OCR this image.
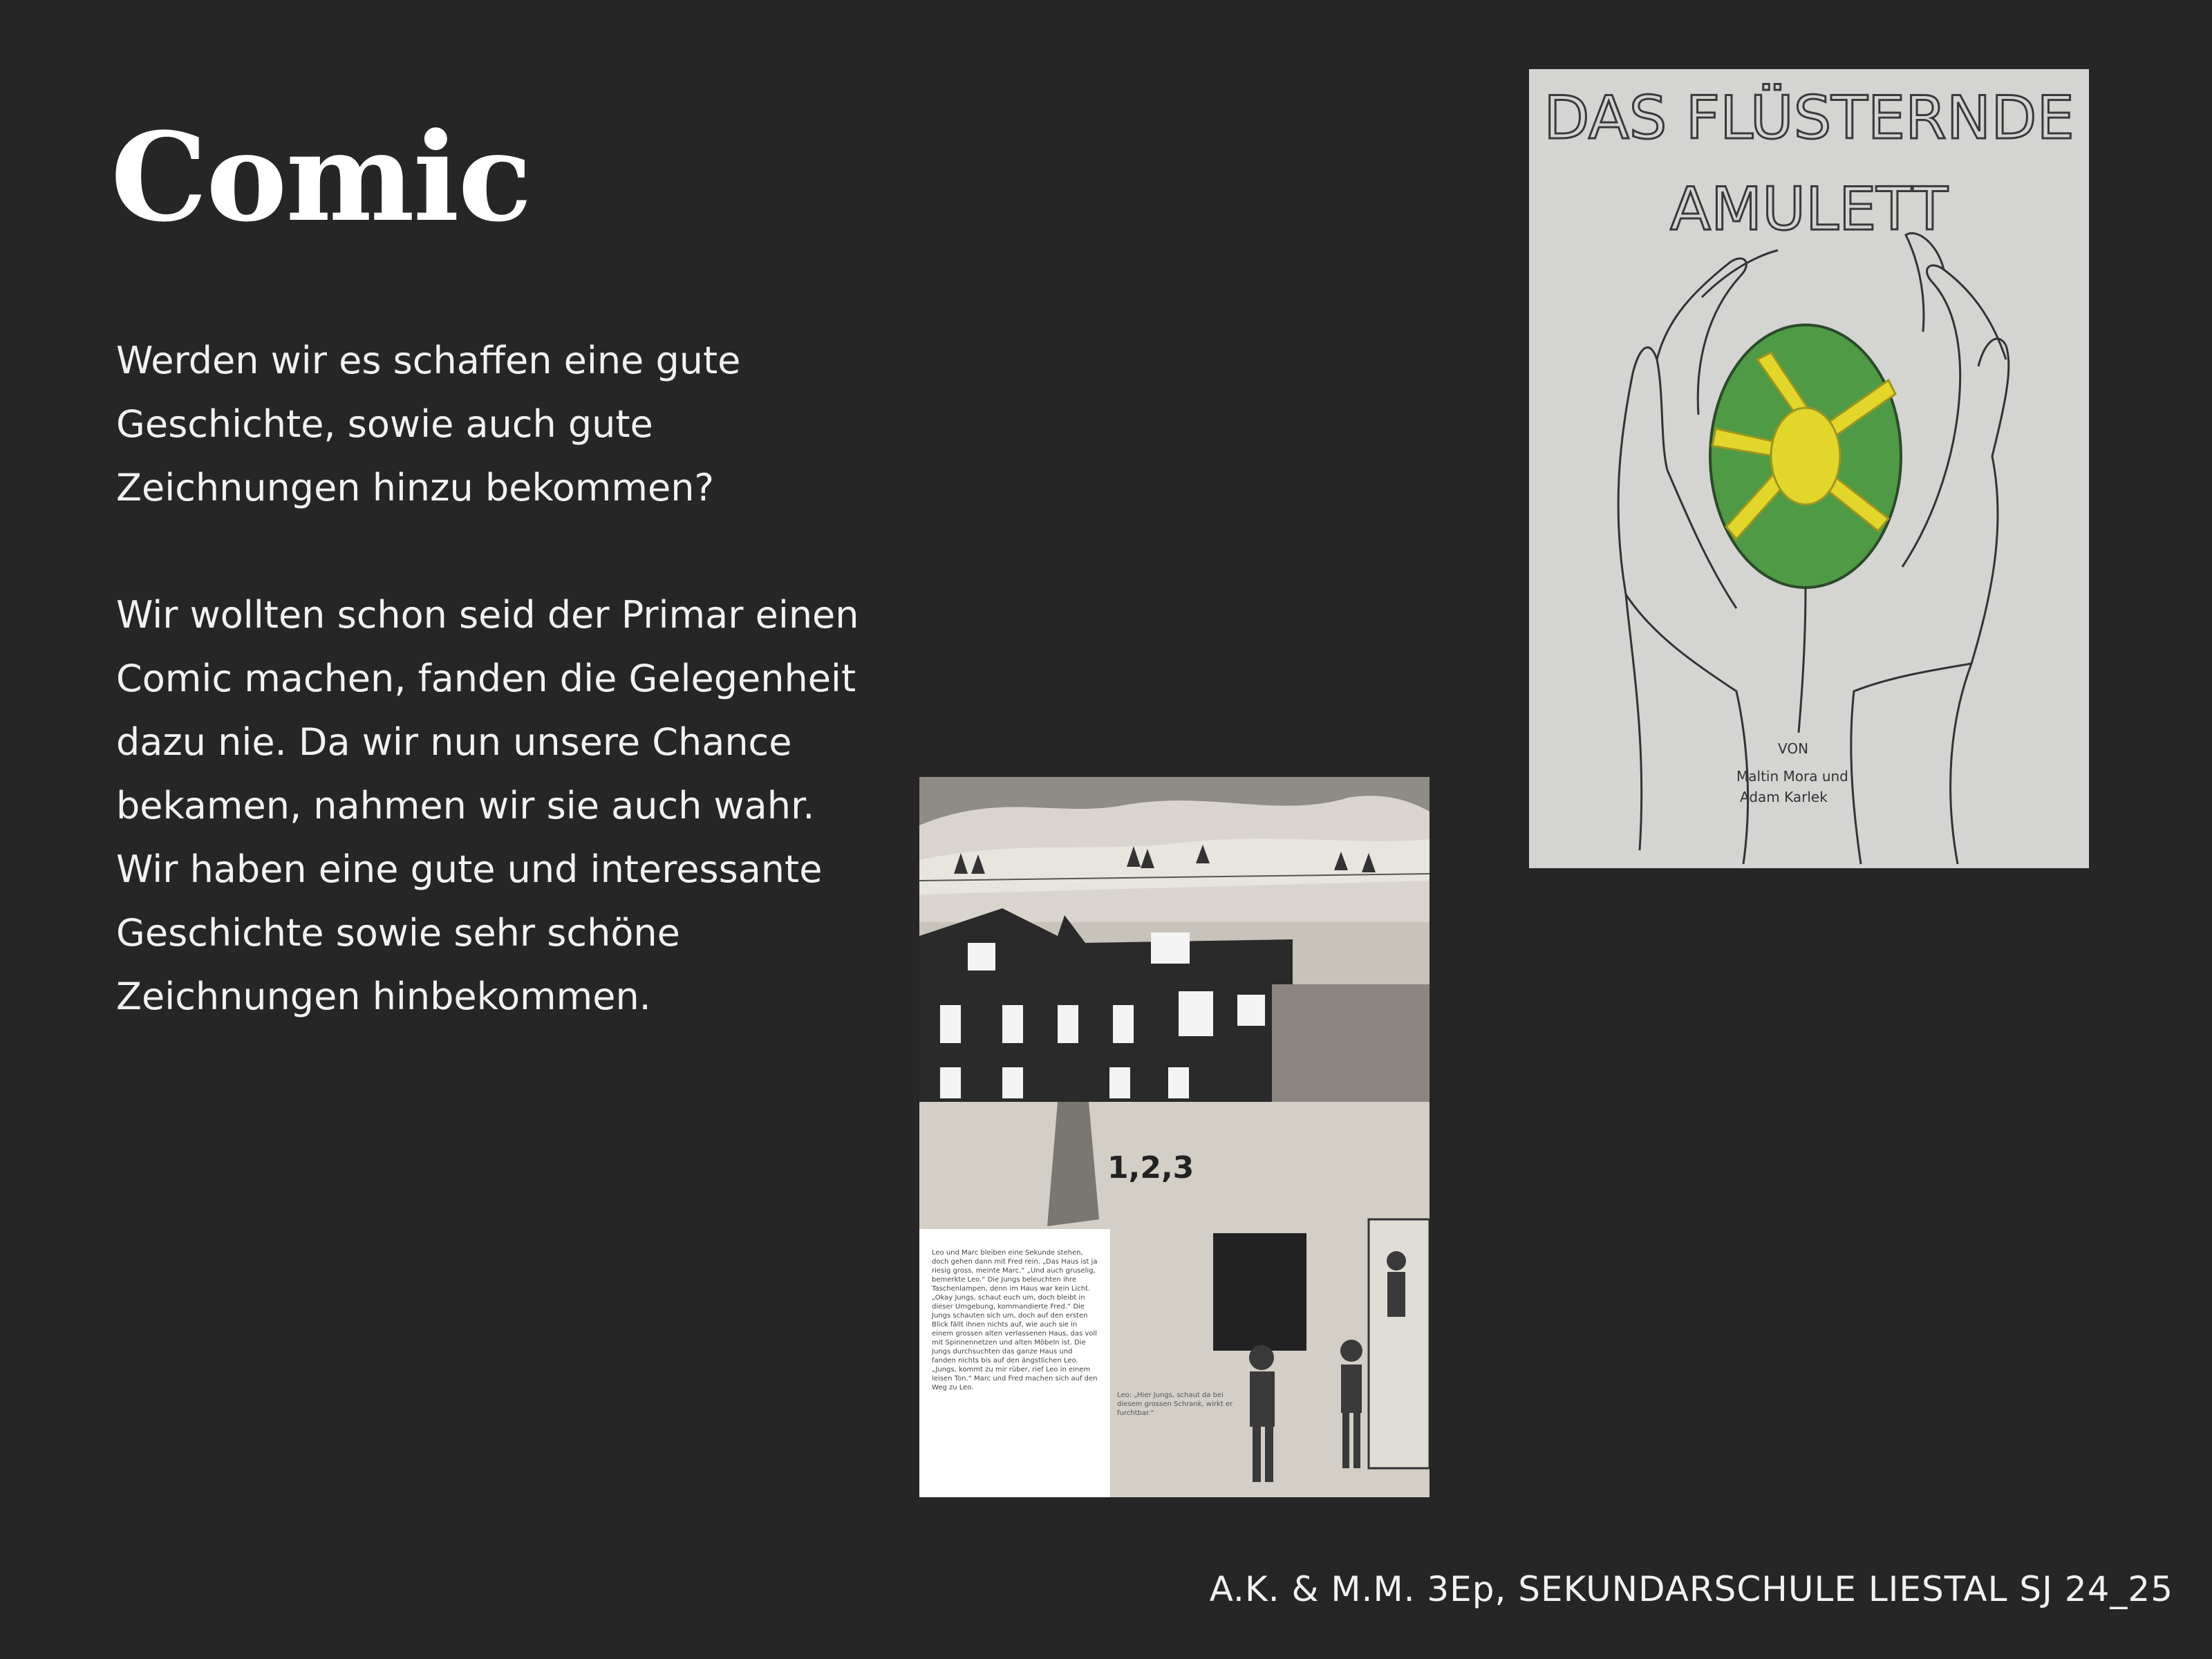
Comic

Werden wir es schaffen eine gute Geschichte, sowie auch gute Zeichnungen hinzu bekommen?

Wir wollten schon seid der Primar einen Comic machen, fanden die Gelegenheit dazu nie. Da wir nun unsere Chance bekamen, nahmen wir sie auch wahr. Wir haben eine gute und interessante Geschichte sowie sehr schöne Zeichnungen hinbekommen.

DAS FLÜSTERNDE
AMULETT
VON
Maltin Mora und
Adam Karlek
1,2,3
Leo und Marc bleiben eine Sekunde stehen, doch gehen dann mit Fred rein. „Das Haus ist ja riesig gross, meinte Marc.“ „Und auch gruselig, bemerkte Leo.“ Die Jungs beleuchten ihre Taschenlampen, denn im Haus war kein Licht. „Okay Jungs, schaut euch um, doch bleibt in dieser Umgebung, kommandierte Fred.“ Die Jungs schauten sich um, doch auf den ersten Blick fällt ihnen nichts auf, wie auch sie in einem grossen alten verlassenen Haus, das voll mit Spinnennetzen und alten Möbeln ist. Die Jungs durchsuchten das ganze Haus und fanden nichts bis auf den ängstlichen Leo. „Jungs, kommt zu mir rüber, rief Leo in einem leisen Ton.“ Marc und Fred machen sich auf den Weg zu Leo.
Leo: „Hier Jungs, schaut da bei diesem grossen Schrank, wirkt er furchtbar.“
A.K. & M.M. 3Ep, SEKUNDARSCHULE LIESTAL SJ 24_25
